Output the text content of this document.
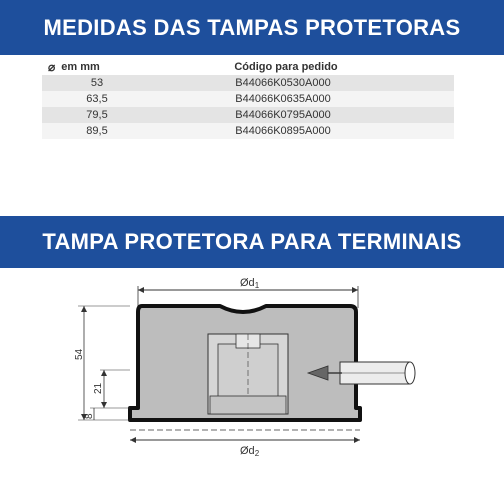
MEDIDAS DAS TAMPAS PROTETORAS
⌀ em mm	Código para pedido
53	B44066K0530A000
63,5	B44066K0635A000
79,5	B44066K0795A000
89,5	B44066K0895A000
TAMPA PROTETORA PARA TERMINAIS
Ød1
Ød2
54
21
8
